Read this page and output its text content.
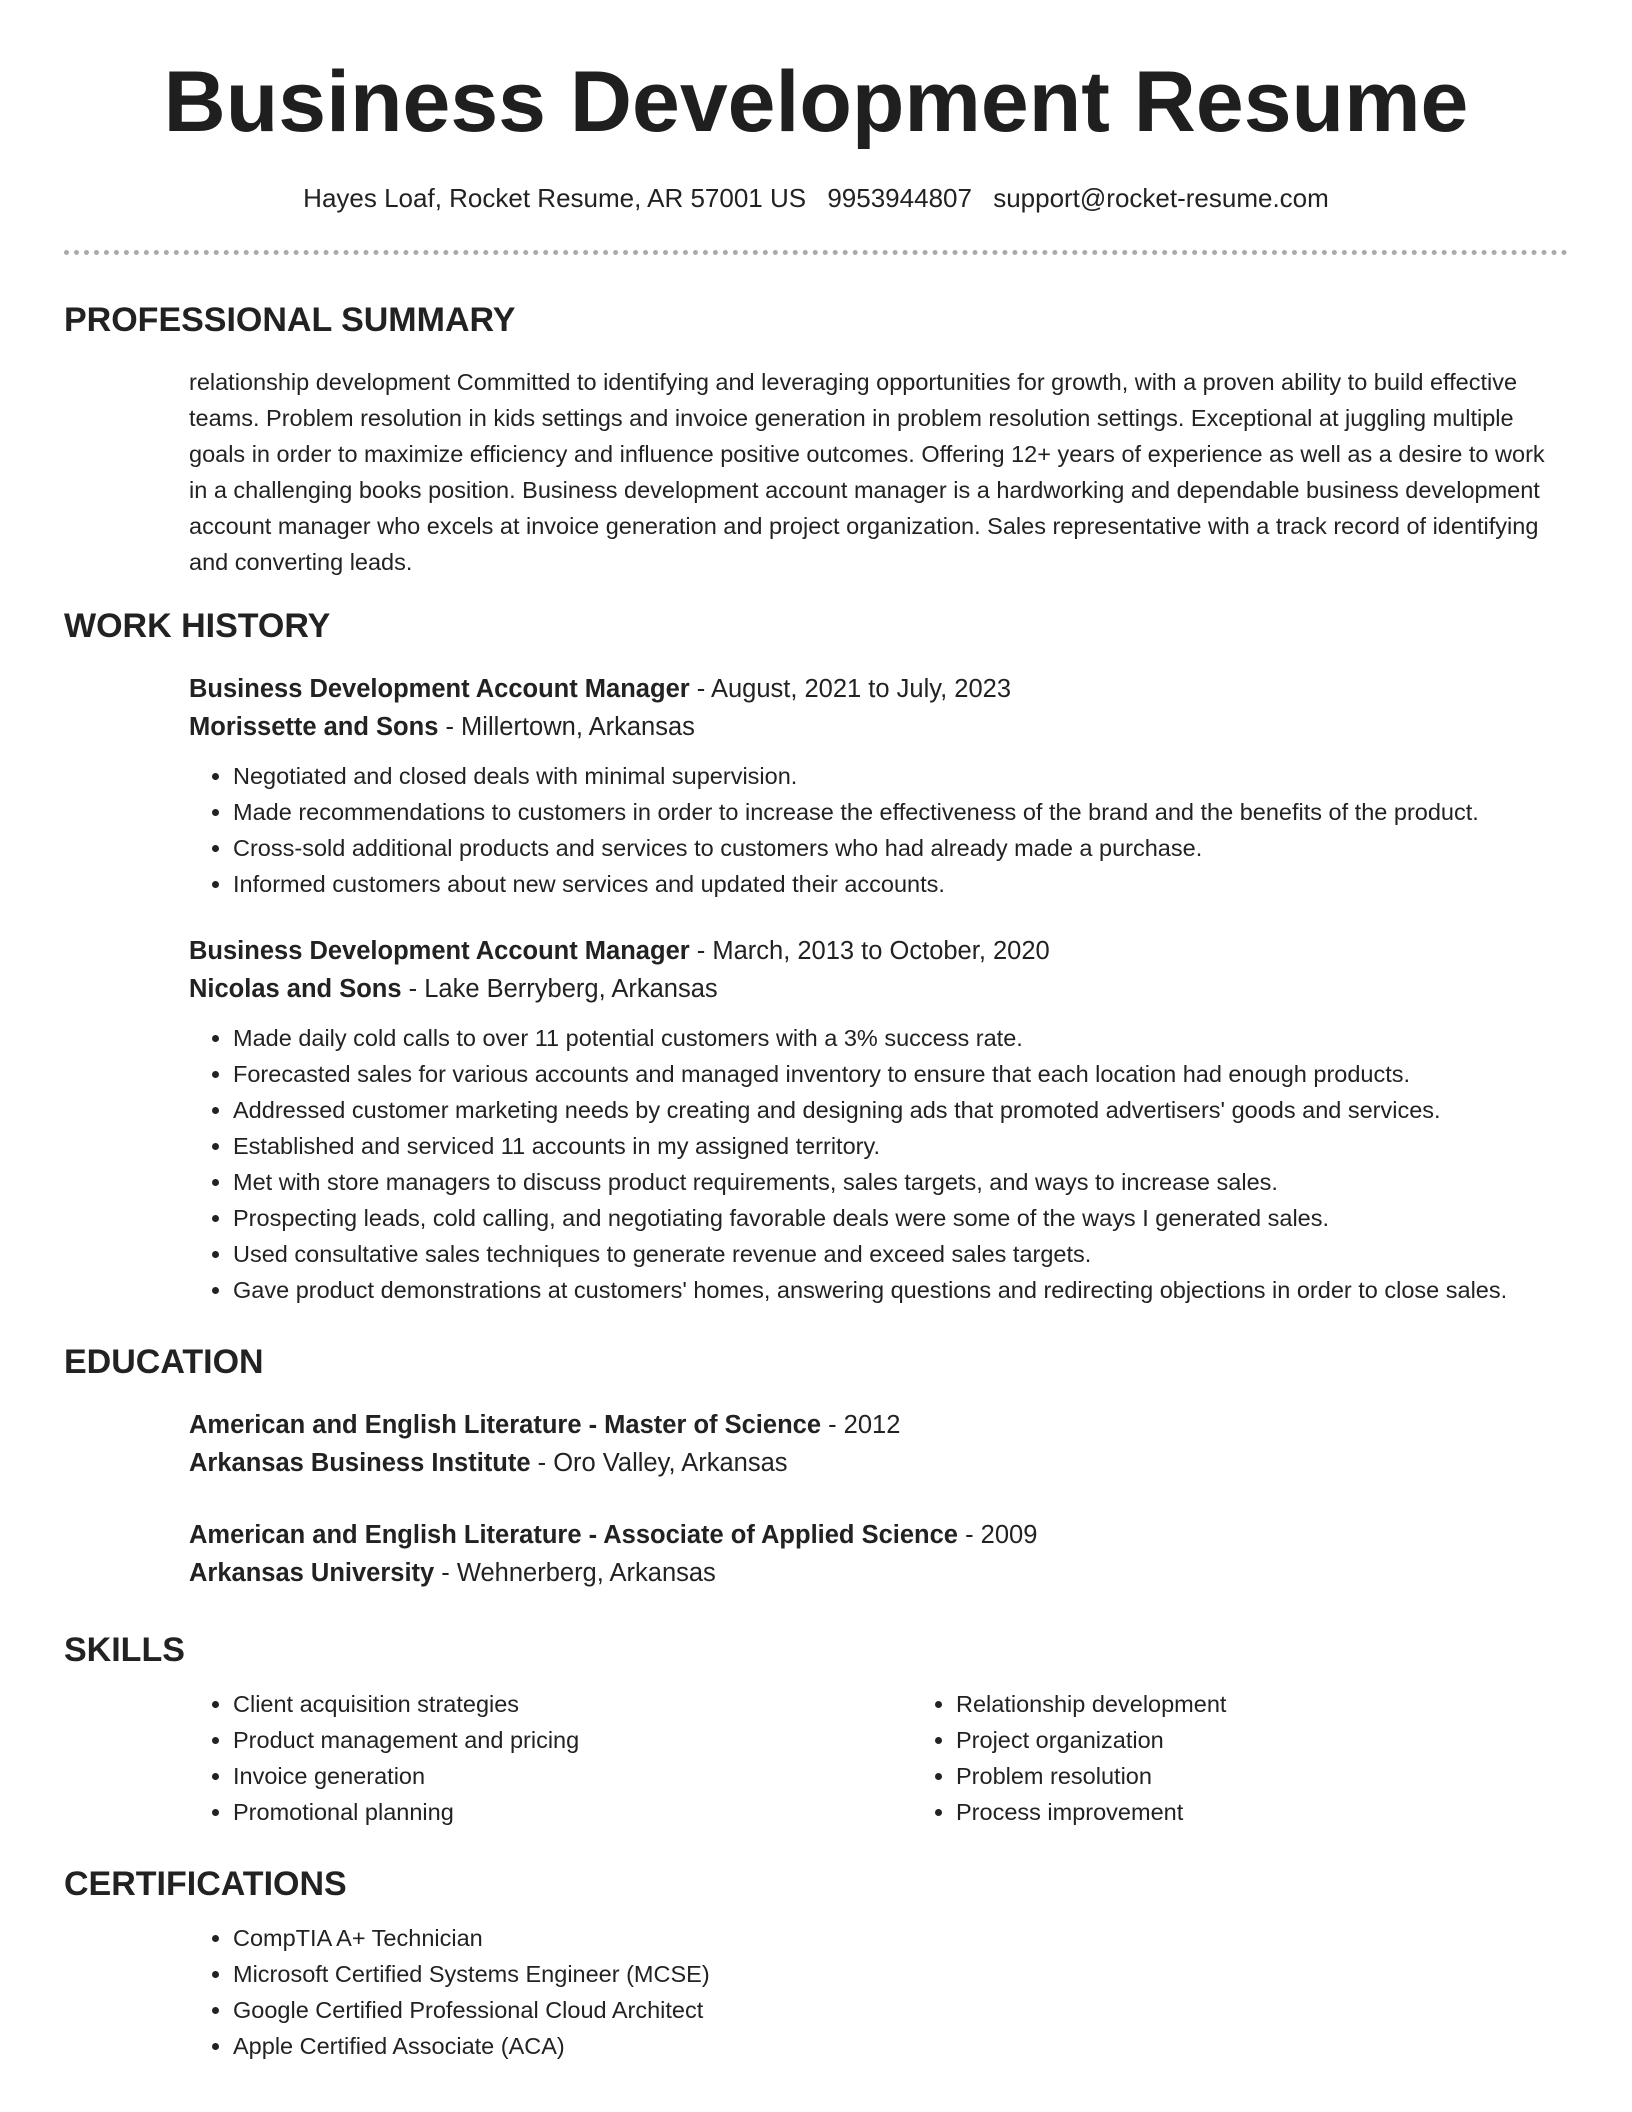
Business Development Resume
Hayes Loaf, Rocket Resume, AR 57001 US 9953944807 support@rocket-resume.com
PROFESSIONAL SUMMARY

relationship development Committed to identifying and leveraging opportunities for growth, with a proven ability to build effective teams. Problem resolution in kids settings and invoice generation in problem resolution settings. Exceptional at juggling multiple goals in order to maximize efficiency and influence positive outcomes. Offering 12+ years of experience as well as a desire to work in a challenging books position. Business development account manager is a hardworking and dependable business development account manager who excels at invoice generation and project organization. Sales representative with a track record of identifying and converting leads.

WORK HISTORY

Business Development Account Manager - August, 2021 to July, 2023

Morissette and Sons - Millertown, Arkansas

• Negotiated and closed deals with minimal supervision.
• Made recommendations to customers in order to increase the effectiveness of the brand and the benefits of the product.
• Cross-sold additional products and services to customers who had already made a purchase.
• Informed customers about new services and updated their accounts.

Business Development Account Manager - March, 2013 to October, 2020

Nicolas and Sons - Lake Berryberg, Arkansas

• Made daily cold calls to over 11 potential customers with a 3% success rate.
• Forecasted sales for various accounts and managed inventory to ensure that each location had enough products.
• Addressed customer marketing needs by creating and designing ads that promoted advertisers' goods and services.
• Established and serviced 11 accounts in my assigned territory.
• Met with store managers to discuss product requirements, sales targets, and ways to increase sales.
• Prospecting leads, cold calling, and negotiating favorable deals were some of the ways I generated sales.
• Used consultative sales techniques to generate revenue and exceed sales targets.
• Gave product demonstrations at customers' homes, answering questions and redirecting objections in order to close sales.
EDUCATION

American and English Literature - Master of Science - 2012

Arkansas Business Institute - Oro Valley, Arkansas

American and English Literature - Associate of Applied Science - 2009

Arkansas University - Wehnerberg, Arkansas

SKILLS
• Client acquisition strategies
• Product management and pricing
• Invoice generation
• Promotional planning
• Relationship development
• Project organization
• Problem resolution
• Process improvement
CERTIFICATIONS
• CompTIA A+ Technician
• Microsoft Certified Systems Engineer (MCSE)
• Google Certified Professional Cloud Architect
• Apple Certified Associate (ACA)
